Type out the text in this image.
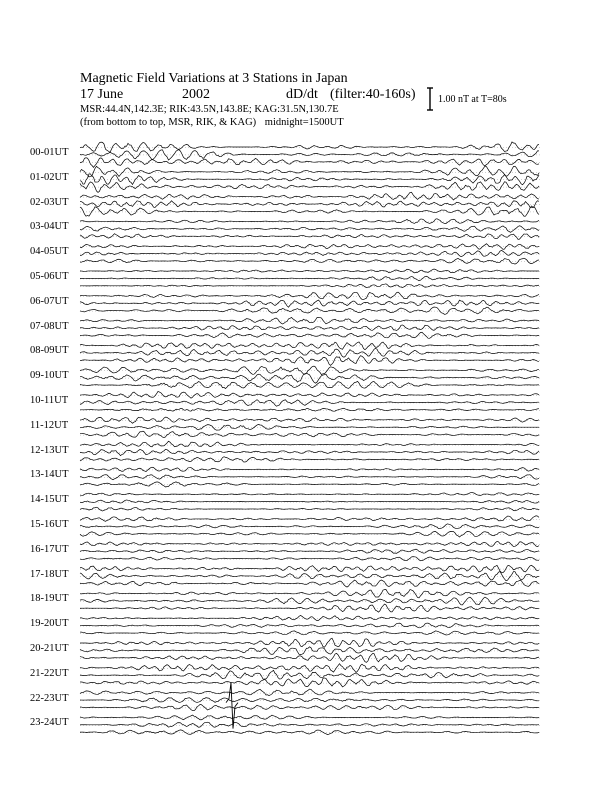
Magnetic Field Variations at 3 Stations in Japan
17 June	2002	dD/dt (filter:40-160s)
MSR:44.4N,142.3E; RIK:43.5N,143.8E; KAG:31.5N,130.7E
(from bottom to top, MSR, RIK, & KAG) midnight=1500UT
1.00 nT at T=80s
00-01UT
01-02UT
02-03UT
03-04UT
04-05UT
05-06UT
06-07UT
07-08UT
08-09UT
09-10UT
10-11UT
11-12UT
12-13UT
13-14UT
14-15UT
15-16UT
16-17UT
17-18UT
18-19UT
19-20UT
20-21UT
21-22UT
22-23UT
23-24UT
